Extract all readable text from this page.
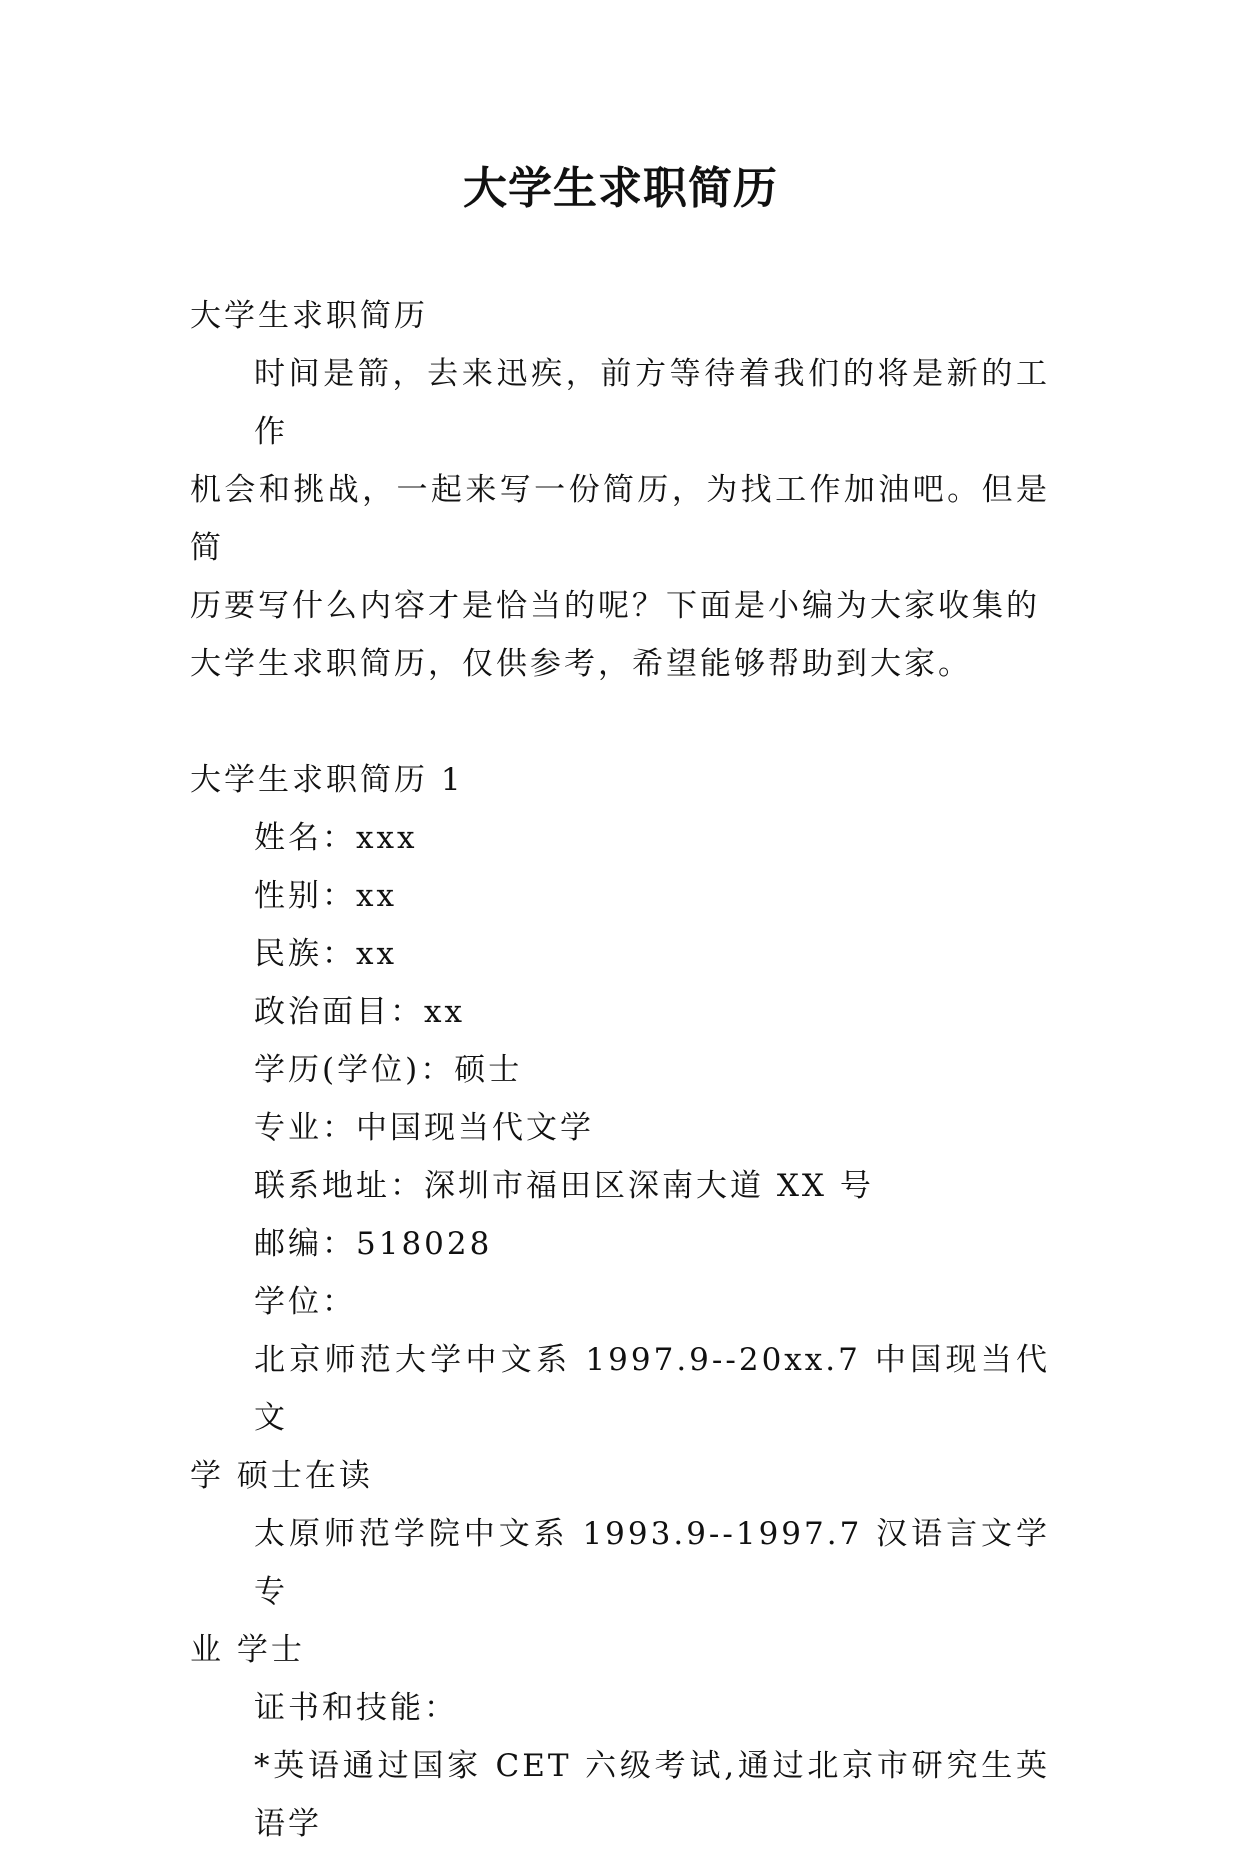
大学生求职简历
大学生求职简历
时间是箭，去来迅疾，前方等待着我们的将是新的工作
机会和挑战，一起来写一份简历，为找工作加油吧。但是简
历要写什么内容才是恰当的呢？下面是小编为大家收集的
大学生求职简历，仅供参考，希望能够帮助到大家。
大学生求职简历 1
姓名：xxx
性别：xx
民族：xx
政治面目：xx
学历(学位)：硕士
专业：中国现当代文学
联系地址：深圳市福田区深南大道 XX 号
邮编：518028
学位：
北京师范大学中文系 1997.9--20xx.7 中国现当代文
学 硕士在读
太原师范学院中文系 1993.9--1997.7 汉语言文学专
业 学士
证书和技能：
*英语通过国家 CET 六级考试,通过北京市研究生英语学
